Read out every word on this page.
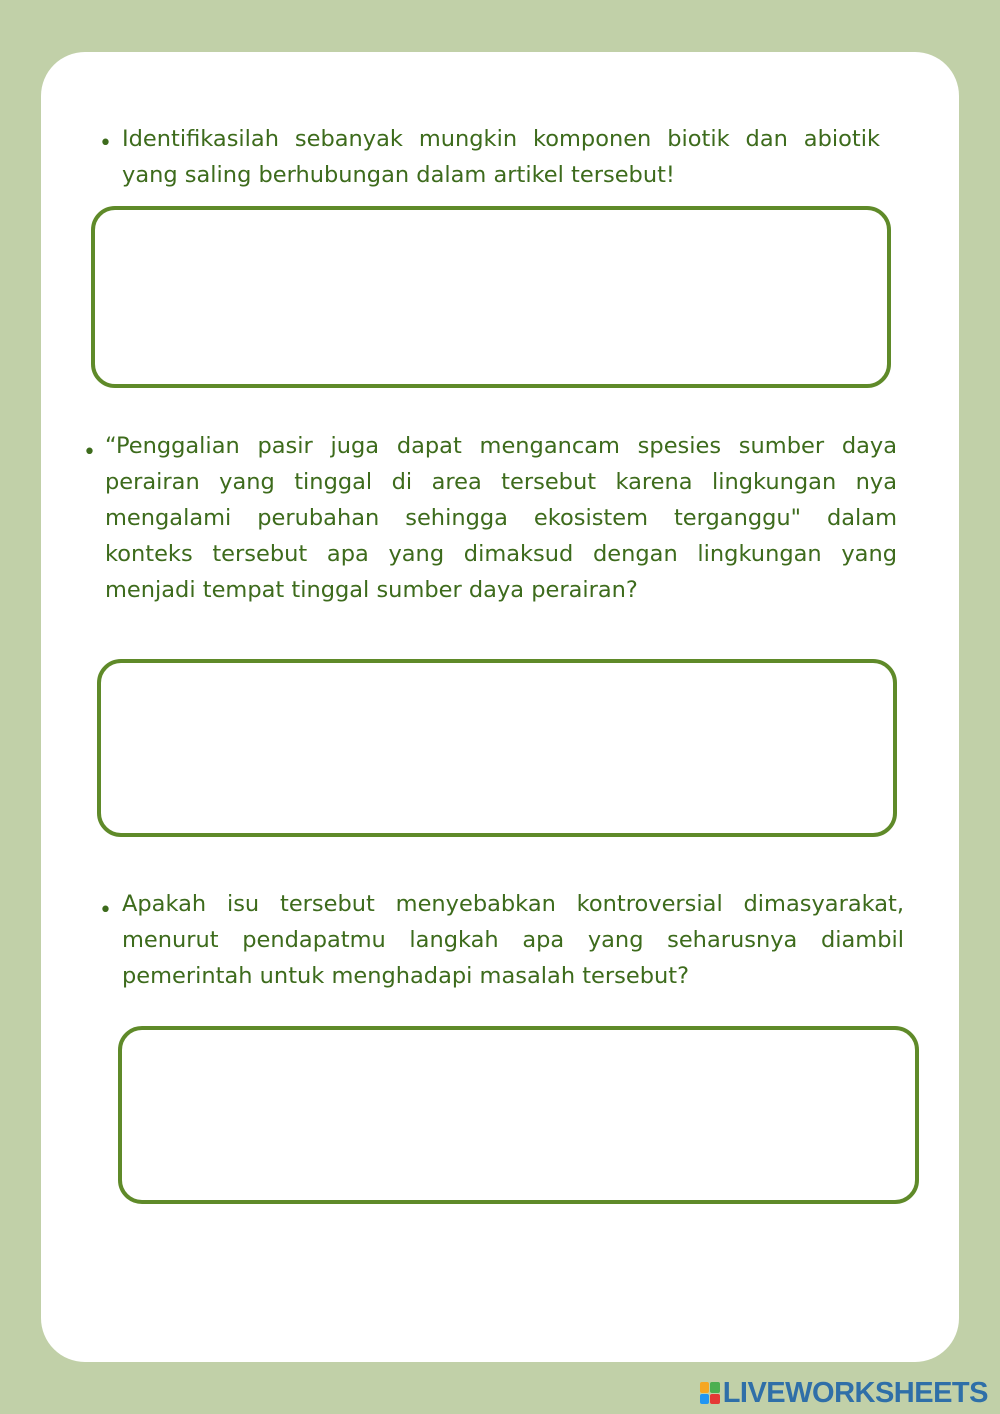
• Identifikasilah sebanyak mungkin komponen biotik dan abiotik yang saling berhubungan dalam artikel tersebut!

• “Penggalian pasir juga dapat mengancam spesies sumber daya perairan yang tinggal di area tersebut karena lingkungan nya mengalami perubahan sehingga ekosistem terganggu" dalam konteks tersebut apa yang dimaksud dengan lingkungan yang menjadi tempat tinggal sumber daya perairan?

• Apakah isu tersebut menyebabkan kontroversial dimasyarakat, menurut pendapatmu langkah apa yang seharusnya diambil pemerintah untuk menghadapi masalah tersebut?

LIVEWORKSHEETS
